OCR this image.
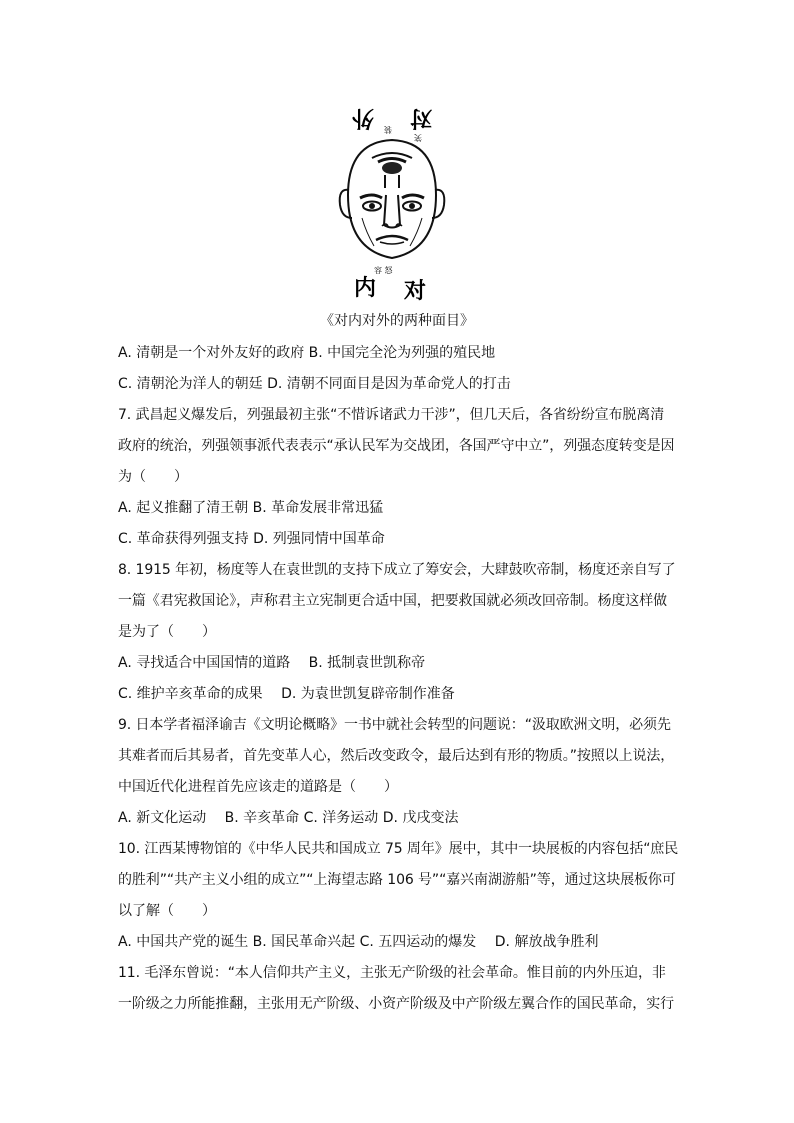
外 对
装
笑
容 怒
内 对
《对内对外的两种面目》
A. 清朝是一个对外友好的政府 B. 中国完全沦为列强的殖民地
C. 清朝沦为洋人的朝廷 D. 清朝不同面目是因为革命党人的打击
7. 武昌起义爆发后，列强最初主张“不惜诉诸武力干涉”，但几天后，各省纷纷宣布脱离清
政府的统治，列强领事派代表表示“承认民军为交战团，各国严守中立”，列强态度转变是因
为（　　）
A. 起义推翻了清王朝 B. 革命发展非常迅猛
C. 革命获得列强支持 D. 列强同情中国革命
8. 1915 年初，杨度等人在袁世凯的支持下成立了筹安会，大肆鼓吹帝制，杨度还亲自写了
一篇《君宪救国论》，声称君主立宪制更合适中国，把要救国就必须改回帝制。杨度这样做
是为了（　　）
A. 寻找适合中国国情的道路　 B. 抵制袁世凯称帝
C. 维护辛亥革命的成果　 D. 为袁世凯复辟帝制作准备
9. 日本学者福泽谕吉《文明论概略》一书中就社会转型的问题说：“汲取欧洲文明，必须先
其难者而后其易者，首先变革人心，然后改变政令，最后达到有形的物质。”按照以上说法，
中国近代化进程首先应该走的道路是（　　）
A. 新文化运动　 B. 辛亥革命 C. 洋务运动 D. 戊戌变法
10. 江西某博物馆的《中华人民共和国成立 75 周年》展中，其中一块展板的内容包括“庶民
的胜利”“共产主义小组的成立”“上海望志路 106 号”“嘉兴南湖游船”等，通过这块展板你可
以了解（　　）
A. 中国共产党的诞生 B. 国民革命兴起 C. 五四运动的爆发　 D. 解放战争胜利
11. 毛泽东曾说：“本人信仰共产主义，主张无产阶级的社会革命。惟目前的内外压迫，非
一阶级之力所能推翻，主张用无产阶级、小资产阶级及中产阶级左翼合作的国民革命，实行
